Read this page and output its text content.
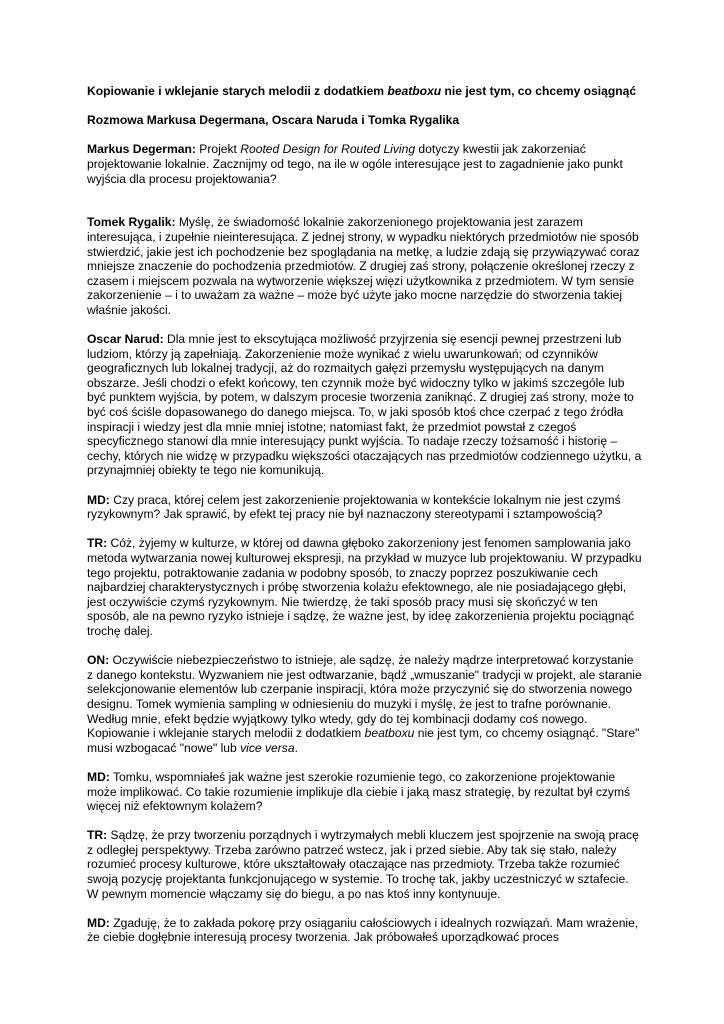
Kopiowanie i wklejanie starych melodii z dodatkiem beatboxu nie jest tym, co chcemy osiągnąć
Rozmowa Markusa Degermana, Oscara Naruda i Tomka Rygalika

Markus Degerman: Projekt Rooted Design for Routed Living dotyczy kwestii jak zakorzeniać projektowanie lokalnie. Zacznijmy od tego, na ile w ogóle interesujące jest to zagadnienie jako punkt wyjścia dla procesu projektowania?

Tomek Rygalik: Myślę, że świadomość lokalnie zakorzenionego projektowania jest zarazem interesująca, i zupełnie nieinteresująca. Z jednej strony, w wypadku niektórych przedmiotów nie sposób stwierdzić, jakie jest ich pochodzenie bez spoglądania na metkę, a ludzie zdają się przywiązywać coraz mniejsze znaczenie do pochodzenia przedmiotów. Z drugiej zaś strony, połączenie określonej rzeczy z czasem i miejscem pozwala na wytworzenie większej więzi użytkownika z przedmiotem. W tym sensie zakorzenienie – i to uważam za ważne – może być użyte jako mocne narzędzie do stworzenia takiej właśnie jakości.

Oscar Narud: Dla mnie jest to ekscytująca możliwość przyjrzenia się esencji pewnej przestrzeni lub ludziom, którzy ją zapełniają. Zakorzenienie może wynikać z wielu uwarunkowań; od czynników geograficznych lub lokalnej tradycji, aż do rozmaitych gałęzi przemysłu występujących na danym obszarze. Jeśli chodzi o efekt końcowy, ten czynnik może być widoczny tylko w jakimś szczególe lub być punktem wyjścia, by potem, w dalszym procesie tworzenia zaniknąć. Z drugiej zaś strony, może to być coś ściśle dopasowanego do danego miejsca. To, w jaki sposób ktoś chce czerpać z tego źródła inspiracji i wiedzy jest dla mnie mniej istotne; natomiast fakt, że przedmiot powstał z czegoś specyficznego stanowi dla mnie interesujący punkt wyjścia. To nadaje rzeczy tożsamość i historię – cechy, których nie widzę w przypadku większości otaczających nas przedmiotów codziennego użytku, a przynajmniej obiekty te tego nie komunikują.

MD: Czy praca, której celem jest zakorzenienie projektowania w kontekście lokalnym nie jest czymś ryzykownym? Jak sprawić, by efekt tej pracy nie był naznaczony stereotypami i sztampowością?

TR: Cóż, żyjemy w kulturze, w której od dawna głęboko zakorzeniony jest fenomen samplowania jako metoda wytwarzania nowej kulturowej ekspresji, na przykład w muzyce lub projektowaniu. W przypadku tego projektu, potraktowanie zadania w podobny sposób, to znaczy poprzez poszukiwanie cech najbardziej charakterystycznych i próbę stworzenia kolażu efektownego, ale nie posiadającego głębi, jest oczywiście czymś ryzykownym. Nie twierdzę, że taki sposób pracy musi się skończyć w ten sposób, ale na pewno ryzyko istnieje i sądzę, że ważne jest, by ideę zakorzenienia projektu pociągnąć trochę dalej.

ON: Oczywiście niebezpieczeństwo to istnieje, ale sądzę, że należy mądrze interpretować korzystanie z danego kontekstu. Wyzwaniem nie jest odtwarzanie, bądź „wmuszanie" tradycji w projekt, ale staranie selekcjonowanie elementów lub czerpanie inspiracji, która może przyczynić się do stworzenia nowego designu. Tomek wymienia sampling w odniesieniu do muzyki i myślę, że jest to trafne porównanie. Według mnie, efekt będzie wyjątkowy tylko wtedy, gdy do tej kombinacji dodamy coś nowego. Kopiowanie i wklejanie starych melodii z dodatkiem beatboxu nie jest tym, co chcemy osiągnąć. "Stare" musi wzbogacać "nowe" lub vice versa.

MD: Tomku, wspomniałeś jak ważne jest szerokie rozumienie tego, co zakorzenione projektowanie może implikować. Co takie rozumienie implikuje dla ciebie i jaką masz strategię, by rezultat był czymś więcej niż efektownym kolażem?

TR: Sądzę, że przy tworzeniu porządnych i wytrzymałych mebli kluczem jest spojrzenie na swoją pracę z odległej perspektywy. Trzeba zarówno patrzeć wstecz, jak i przed siebie. Aby tak się stało, należy rozumieć procesy kulturowe, które ukształtowały otaczające nas przedmioty. Trzeba także rozumieć swoją pozycję projektanta funkcjonującego w systemie. To trochę tak, jakby uczestniczyć w sztafecie. W pewnym momencie włączamy się do biegu, a po nas ktoś inny kontynuuje.

MD: Zgaduję, że to zakłada pokorę przy osiąganiu całościowych i idealnych rozwiązań. Mam wrażenie, że ciebie dogłębnie interesują procesy tworzenia. Jak próbowałeś uporządkować proces
